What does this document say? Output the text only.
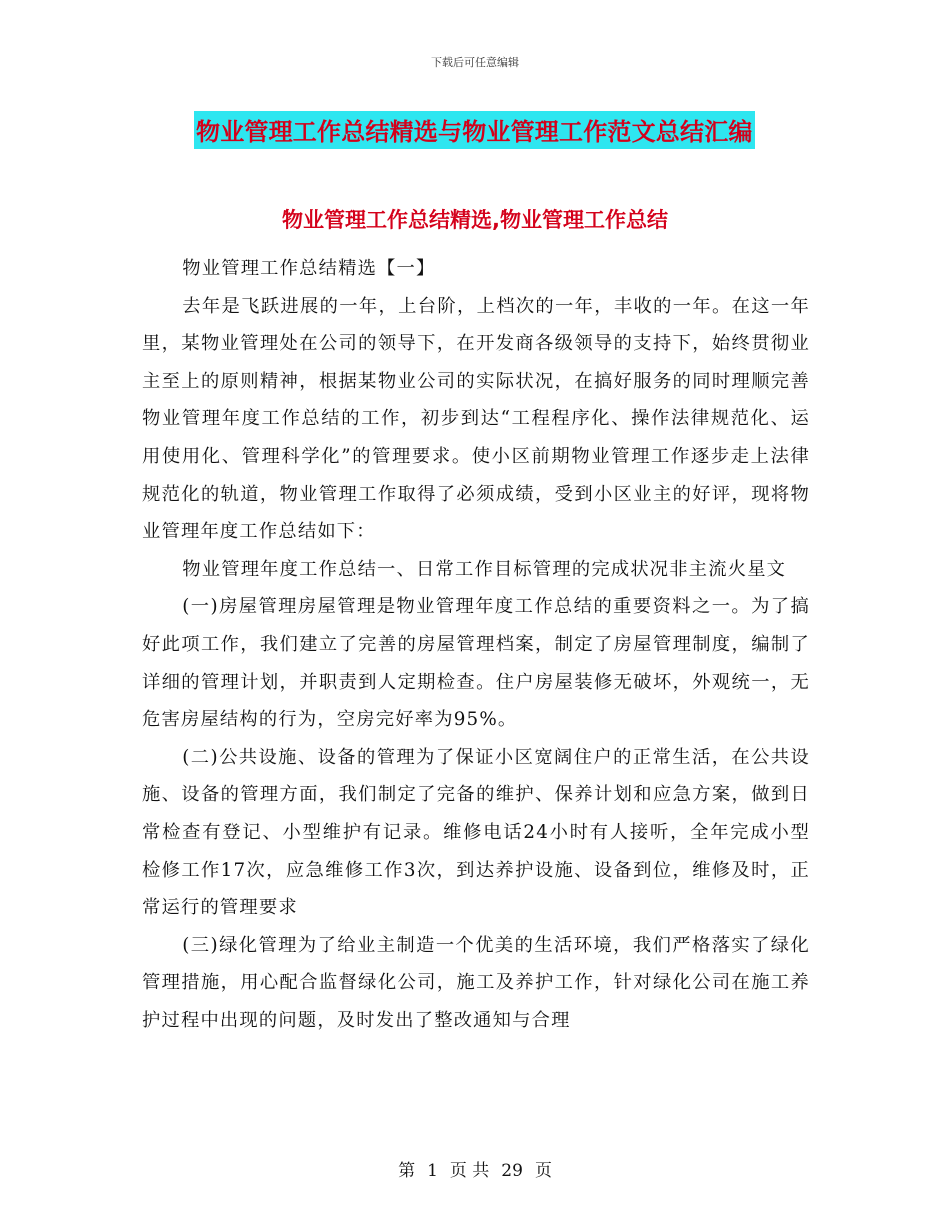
下载后可任意编辑
物业管理工作总结精选与物业管理工作范文总结汇编
物业管理工作总结精选,物业管理工作总结

物业管理工作总结精选【一】

去年是飞跃进展的一年，上台阶，上档次的一年，丰收的一年。在这一年里，某物业管理处在公司的领导下，在开发商各级领导的支持下，始终贯彻业主至上的原则精神，根据某物业公司的实际状况，在搞好服务的同时理顺完善物业管理年度工作总结的工作，初步到达“工程程序化、操作法律规范化、运用使用化、管理科学化”的管理要求。使小区前期物业管理工作逐步走上法律规范化的轨道，物业管理工作取得了必须成绩，受到小区业主的好评，现将物业管理年度工作总结如下：

物业管理年度工作总结一、日常工作目标管理的完成状况非主流火星文

(一)房屋管理房屋管理是物业管理年度工作总结的重要资料之一。为了搞好此项工作，我们建立了完善的房屋管理档案，制定了房屋管理制度，编制了详细的管理计划，并职责到人定期检查。住户房屋装修无破坏，外观统一，无危害房屋结构的行为，空房完好率为95%。

(二)公共设施、设备的管理为了保证小区宽阔住户的正常生活，在公共设施、设备的管理方面，我们制定了完备的维护、保养计划和应急方案，做到日常检查有登记、小型维护有记录。维修电话24小时有人接听，全年完成小型检修工作17次，应急维修工作3次，到达养护设施、设备到位，维修及时，正常运行的管理要求

(三)绿化管理为了给业主制造一个优美的生活环境，我们严格落实了绿化管理措施，用心配合监督绿化公司，施工及养护工作，针对绿化公司在施工养护过程中出现的问题，及时发出了整改通知与合理

第 1 页 共 29 页
